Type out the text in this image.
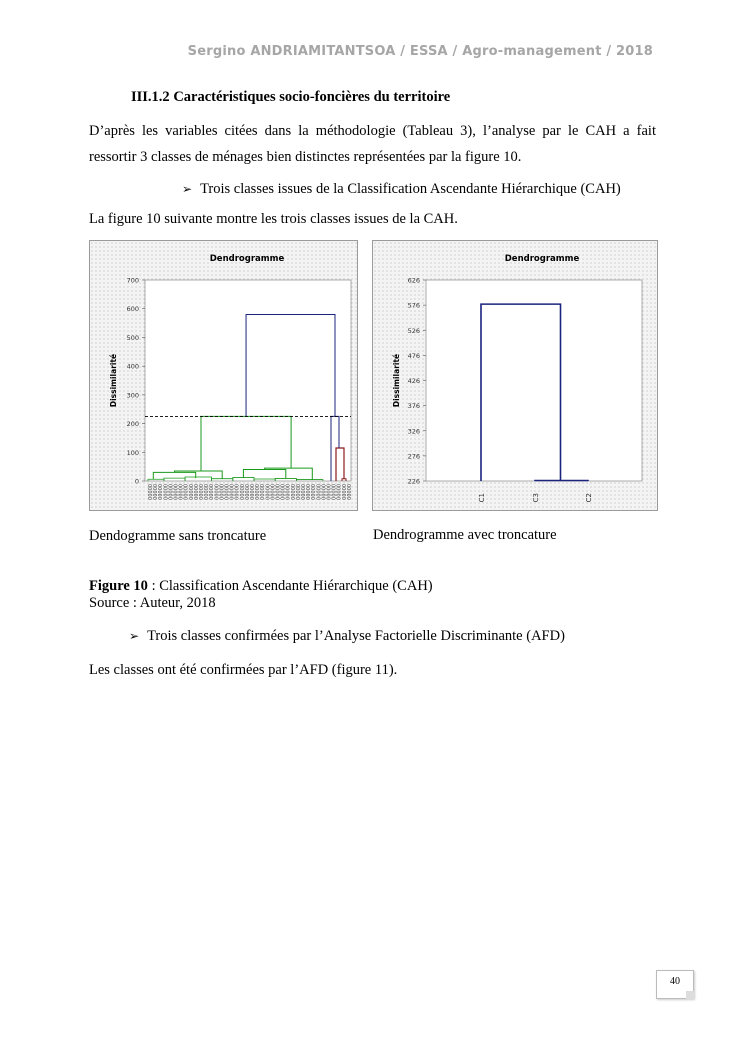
Sergino ANDRIAMITANTSOA / ESSA / Agro-management / 2018
III.1.2 Caractéristiques socio-foncières du territoire
D’après les variables citées dans la méthodologie (Tableau 3), l’analyse par le CAH a fait ressortir 3 classes de ménages bien distinctes représentées par la figure 10.
➢ Trois classes issues de la Classification Ascendante Hiérarchique (CAH)
La figure 10 suivante montre les trois classes issues de la CAH.
Dendrogramme
Dissimilarité
0
100
200
300
400
500
600
700
00000 00000 00000 00000 00000 00000 00000 00000 00000 00000 00000 00000 00000 00000 00000 00000 00000 00000 00000 00000 00000 00000 00000 00000 00000 00000 00000 00000 00000 00000 00000 00000 00000 00000 00000 00000 00000 00000 00000 00000
Dendrogramme
Dissimilarité
226
276
326
376
426
476
526
576
626
C1	C3	C2
Dendogramme sans troncature	Dendrogramme avec troncature
Figure 10 : Classification Ascendante Hiérarchique (CAH)
Source : Auteur, 2018
➢ Trois classes confirmées par l’Analyse Factorielle Discriminante (AFD)
Les classes ont été confirmées par l’AFD (figure 11).
40
